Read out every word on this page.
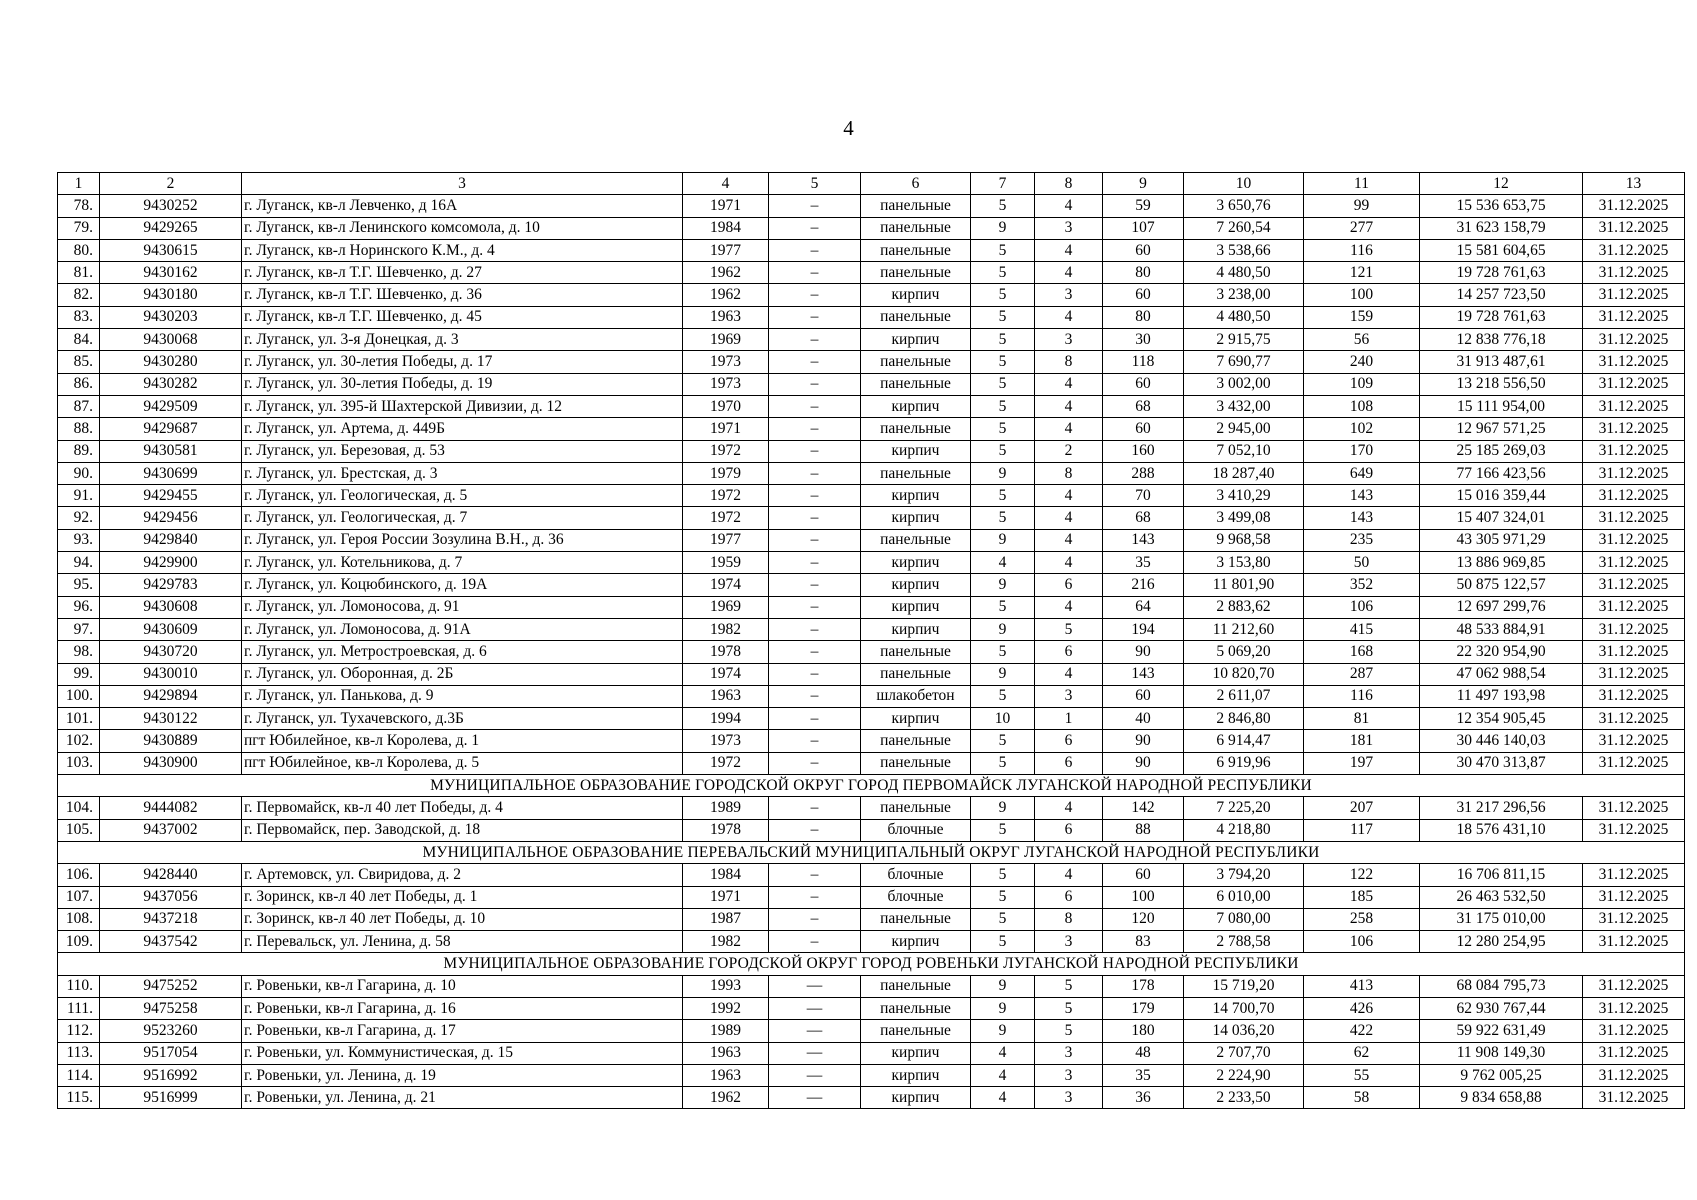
4
1	2	3	4	5	6	7	8	9	10	11	12	13
78.	9430252	г. Луганск, кв-л Левченко, д 16А	1971	–	панельные	5	4	59	3 650,76	99	15 536 653,75	31.12.2025
79.	9429265	г. Луганск, кв-л Ленинского комсомола, д. 10	1984	–	панельные	9	3	107	7 260,54	277	31 623 158,79	31.12.2025
80.	9430615	г. Луганск, кв-л Норинского К.М., д. 4	1977	–	панельные	5	4	60	3 538,66	116	15 581 604,65	31.12.2025
81.	9430162	г. Луганск, кв-л Т.Г. Шевченко, д. 27	1962	–	панельные	5	4	80	4 480,50	121	19 728 761,63	31.12.2025
82.	9430180	г. Луганск, кв-л Т.Г. Шевченко, д. 36	1962	–	кирпич	5	3	60	3 238,00	100	14 257 723,50	31.12.2025
83.	9430203	г. Луганск, кв-л Т.Г. Шевченко, д. 45	1963	–	панельные	5	4	80	4 480,50	159	19 728 761,63	31.12.2025
84.	9430068	г. Луганск, ул. 3-я Донецкая, д. 3	1969	–	кирпич	5	3	30	2 915,75	56	12 838 776,18	31.12.2025
85.	9430280	г. Луганск, ул. 30-летия Победы, д. 17	1973	–	панельные	5	8	118	7 690,77	240	31 913 487,61	31.12.2025
86.	9430282	г. Луганск, ул. 30-летия Победы, д. 19	1973	–	панельные	5	4	60	3 002,00	109	13 218 556,50	31.12.2025
87.	9429509	г. Луганск, ул. 395-й Шахтерской Дивизии, д. 12	1970	–	кирпич	5	4	68	3 432,00	108	15 111 954,00	31.12.2025
88.	9429687	г. Луганск, ул. Артема, д. 449Б	1971	–	панельные	5	4	60	2 945,00	102	12 967 571,25	31.12.2025
89.	9430581	г. Луганск, ул. Березовая, д. 53	1972	–	кирпич	5	2	160	7 052,10	170	25 185 269,03	31.12.2025
90.	9430699	г. Луганск, ул. Брестская, д. 3	1979	–	панельные	9	8	288	18 287,40	649	77 166 423,56	31.12.2025
91.	9429455	г. Луганск, ул. Геологическая, д. 5	1972	–	кирпич	5	4	70	3 410,29	143	15 016 359,44	31.12.2025
92.	9429456	г. Луганск, ул. Геологическая, д. 7	1972	–	кирпич	5	4	68	3 499,08	143	15 407 324,01	31.12.2025
93.	9429840	г. Луганск, ул. Героя России Зозулина В.Н., д. 36	1977	–	панельные	9	4	143	9 968,58	235	43 305 971,29	31.12.2025
94.	9429900	г. Луганск, ул. Котельникова, д. 7	1959	–	кирпич	4	4	35	3 153,80	50	13 886 969,85	31.12.2025
95.	9429783	г. Луганск, ул. Коцюбинского, д. 19А	1974	–	кирпич	9	6	216	11 801,90	352	50 875 122,57	31.12.2025
96.	9430608	г. Луганск, ул. Ломоносова, д. 91	1969	–	кирпич	5	4	64	2 883,62	106	12 697 299,76	31.12.2025
97.	9430609	г. Луганск, ул. Ломоносова, д. 91А	1982	–	кирпич	9	5	194	11 212,60	415	48 533 884,91	31.12.2025
98.	9430720	г. Луганск, ул. Метростроевская, д. 6	1978	–	панельные	5	6	90	5 069,20	168	22 320 954,90	31.12.2025
99.	9430010	г. Луганск, ул. Оборонная, д. 2Б	1974	–	панельные	9	4	143	10 820,70	287	47 062 988,54	31.12.2025
100.	9429894	г. Луганск, ул. Панькова, д. 9	1963	–	шлакобетон	5	3	60	2 611,07	116	11 497 193,98	31.12.2025
101.	9430122	г. Луганск, ул. Тухачевского, д.3Б	1994	–	кирпич	10	1	40	2 846,80	81	12 354 905,45	31.12.2025
102.	9430889	пгт Юбилейное, кв-л Королева, д. 1	1973	–	панельные	5	6	90	6 914,47	181	30 446 140,03	31.12.2025
103.	9430900	пгт Юбилейное, кв-л Королева, д. 5	1972	–	панельные	5	6	90	6 919,96	197	30 470 313,87	31.12.2025
МУНИЦИПАЛЬНОЕ ОБРАЗОВАНИЕ ГОРОДСКОЙ ОКРУГ ГОРОД ПЕРВОМАЙСК ЛУГАНСКОЙ НАРОДНОЙ РЕСПУБЛИКИ												
104.	9444082	г. Первомайск, кв-л 40 лет Победы, д. 4	1989	–	панельные	9	4	142	7 225,20	207	31 217 296,56	31.12.2025
105.	9437002	г. Первомайск, пер. Заводской, д. 18	1978	–	блочные	5	6	88	4 218,80	117	18 576 431,10	31.12.2025
МУНИЦИПАЛЬНОЕ ОБРАЗОВАНИЕ ПЕРЕВАЛЬСКИЙ МУНИЦИПАЛЬНЫЙ ОКРУГ ЛУГАНСКОЙ НАРОДНОЙ РЕСПУБЛИКИ												
106.	9428440	г. Артемовск, ул. Свиридова, д. 2	1984	–	блочные	5	4	60	3 794,20	122	16 706 811,15	31.12.2025
107.	9437056	г. Зоринск, кв-л 40 лет Победы, д. 1	1971	–	блочные	5	6	100	6 010,00	185	26 463 532,50	31.12.2025
108.	9437218	г. Зоринск, кв-л 40 лет Победы, д. 10	1987	–	панельные	5	8	120	7 080,00	258	31 175 010,00	31.12.2025
109.	9437542	г. Перевальск, ул. Ленина, д. 58	1982	–	кирпич	5	3	83	2 788,58	106	12 280 254,95	31.12.2025
МУНИЦИПАЛЬНОЕ ОБРАЗОВАНИЕ ГОРОДСКОЙ ОКРУГ ГОРОД РОВЕНЬКИ ЛУГАНСКОЙ НАРОДНОЙ РЕСПУБЛИКИ												
110.	9475252	г. Ровеньки, кв-л Гагарина, д. 10	1993	—	панельные	9	5	178	15 719,20	413	68 084 795,73	31.12.2025
111.	9475258	г. Ровеньки, кв-л Гагарина, д. 16	1992	—	панельные	9	5	179	14 700,70	426	62 930 767,44	31.12.2025
112.	9523260	г. Ровеньки, кв-л Гагарина, д. 17	1989	—	панельные	9	5	180	14 036,20	422	59 922 631,49	31.12.2025
113.	9517054	г. Ровеньки, ул. Коммунистическая, д. 15	1963	—	кирпич	4	3	48	2 707,70	62	11 908 149,30	31.12.2025
114.	9516992	г. Ровеньки, ул. Ленина, д. 19	1963	—	кирпич	4	3	35	2 224,90	55	9 762 005,25	31.12.2025
115.	9516999	г. Ровеньки, ул. Ленина, д. 21	1962	—	кирпич	4	3	36	2 233,50	58	9 834 658,88	31.12.2025
